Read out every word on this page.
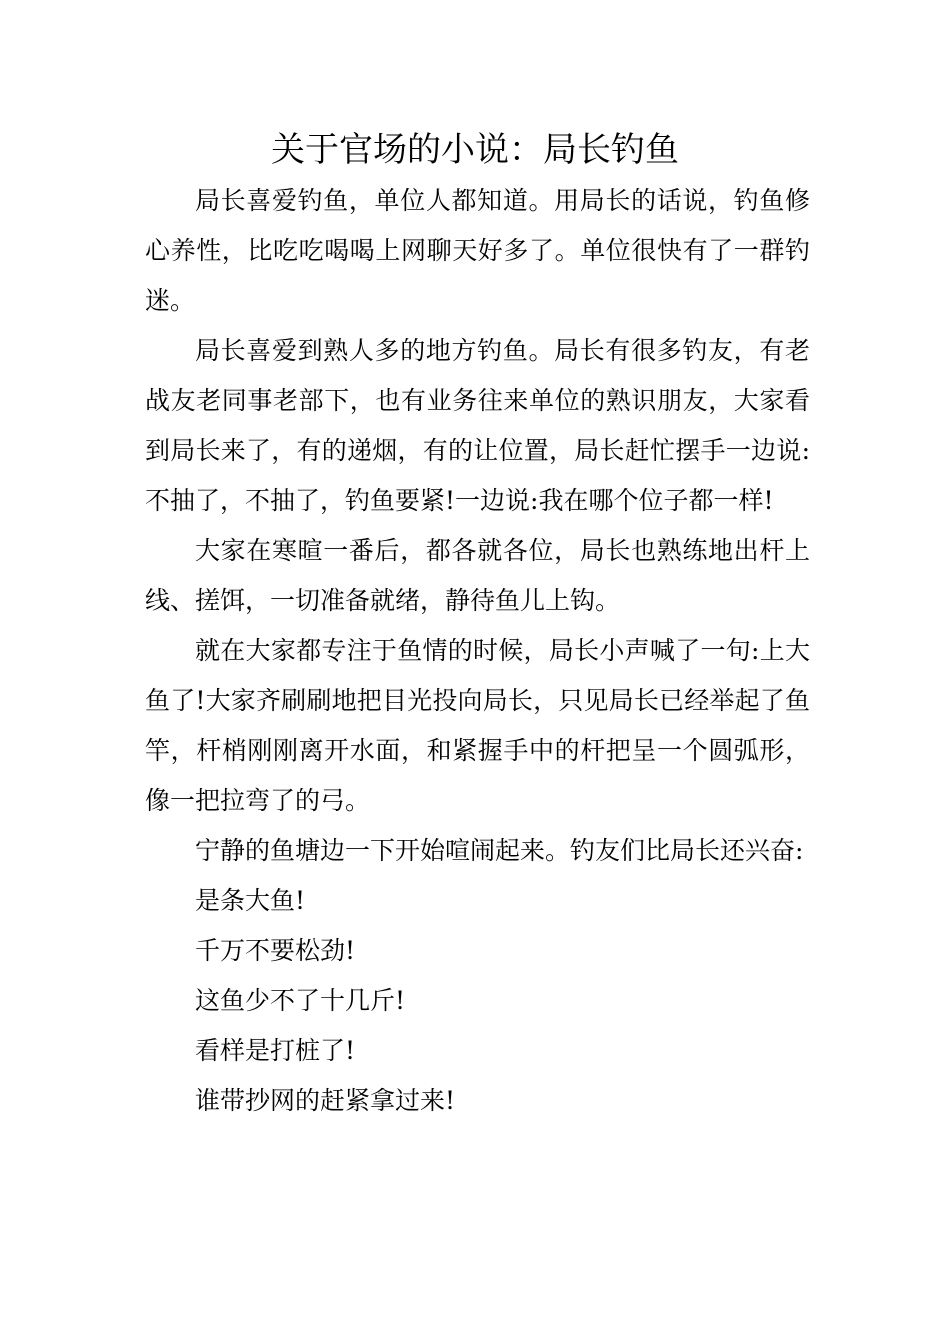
关于官场的小说：局长钓鱼

局长喜爱钓鱼，单位人都知道。用局长的话说，钓鱼修心养性，比吃吃喝喝上网聊天好多了。单位很快有了一群钓迷。

局长喜爱到熟人多的地方钓鱼。局长有很多钓友，有老战友老同事老部下，也有业务往来单位的熟识朋友，大家看到局长来了，有的递烟，有的让位置，局长赶忙摆手一边说:不抽了，不抽了，钓鱼要紧!一边说:我在哪个位子都一样!

大家在寒暄一番后，都各就各位，局长也熟练地出杆上线、搓饵，一切准备就绪，静待鱼儿上钩。

就在大家都专注于鱼情的时候，局长小声喊了一句:上大鱼了!大家齐刷刷地把目光投向局长，只见局长已经举起了鱼竿，杆梢刚刚离开水面，和紧握手中的杆把呈一个圆弧形，像一把拉弯了的弓。

宁静的鱼塘边一下开始喧闹起来。钓友们比局长还兴奋:

是条大鱼!

千万不要松劲!

这鱼少不了十几斤!

看样是打桩了!

谁带抄网的赶紧拿过来!
